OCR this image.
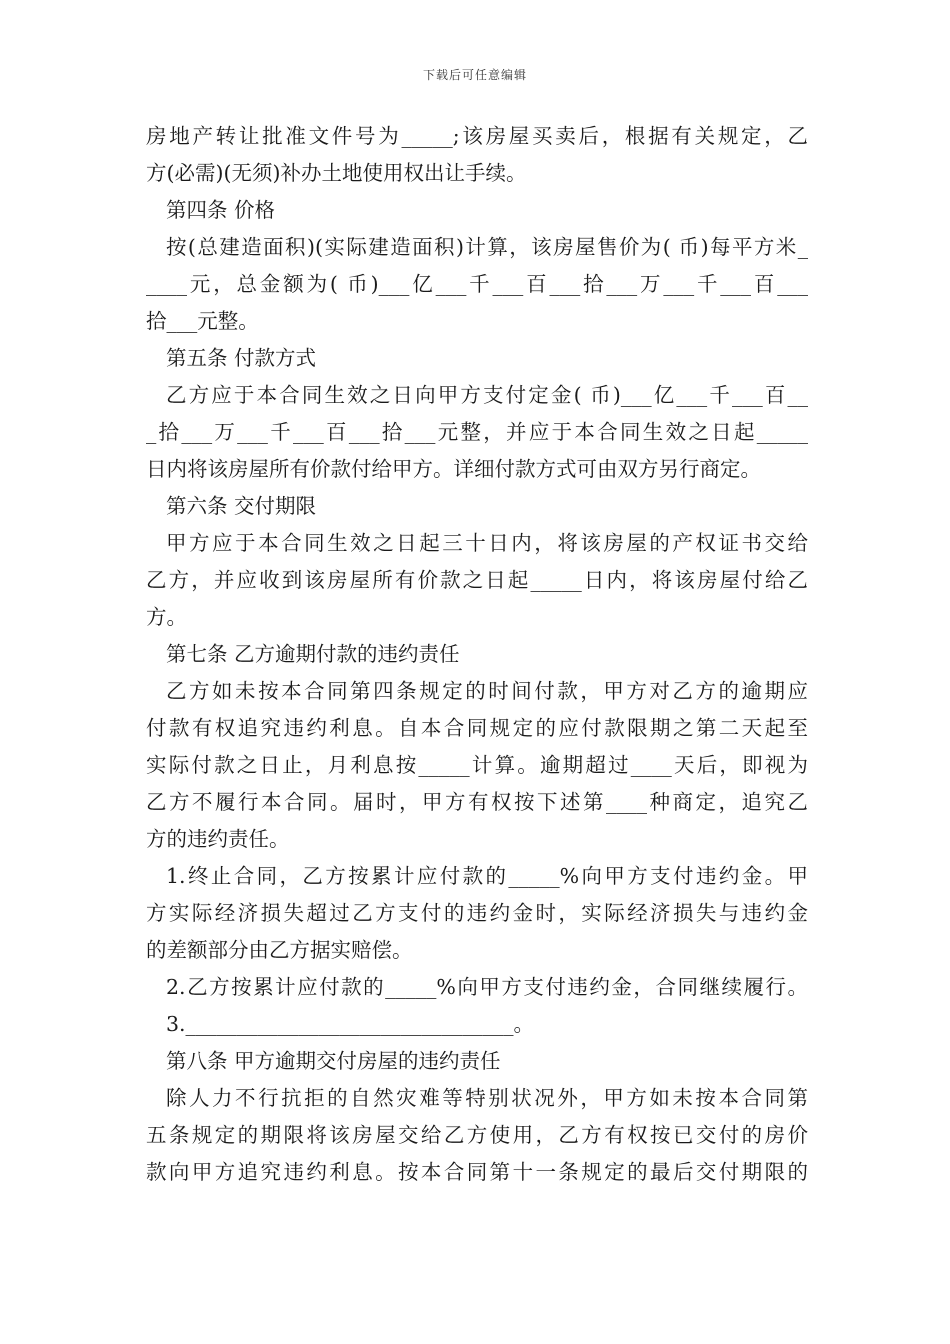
下载后可任意编辑
房地产转让批准文件号为_____;该房屋买卖后，根据有关规定，乙
方(必需)(无须)补办土地使用权出让手续。
第四条 价格
按(总建造面积)(实际建造面积)计算，该房屋售价为( 币)每平方米_
____元，总金额为( 币)___亿___千___百___拾___万___千___百___
拾___元整。
第五条 付款方式
乙方应于本合同生效之日向甲方支付定金( 币)___亿___千___百__
_拾___万___千___百___拾___元整，并应于本合同生效之日起_____
日内将该房屋所有价款付给甲方。详细付款方式可由双方另行商定。
第六条 交付期限
甲方应于本合同生效之日起三十日内，将该房屋的产权证书交给
乙方，并应收到该房屋所有价款之日起_____日内，将该房屋付给乙
方。
第七条 乙方逾期付款的违约责任
乙方如未按本合同第四条规定的时间付款，甲方对乙方的逾期应
付款有权追究违约利息。自本合同规定的应付款限期之第二天起至
实际付款之日止，月利息按_____计算。逾期超过____天后，即视为
乙方不履行本合同。届时，甲方有权按下述第____种商定，追究乙
方的违约责任。
1.终止合同，乙方按累计应付款的_____%向甲方支付违约金。甲
方实际经济损失超过乙方支付的违约金时，实际经济损失与违约金
的差额部分由乙方据实赔偿。
2.乙方按累计应付款的_____%向甲方支付违约金，合同继续履行。
3.________________________________。
第八条 甲方逾期交付房屋的违约责任
除人力不行抗拒的自然灾难等特别状况外，甲方如未按本合同第
五条规定的期限将该房屋交给乙方使用，乙方有权按已交付的房价
款向甲方追究违约利息。按本合同第十一条规定的最后交付期限的
